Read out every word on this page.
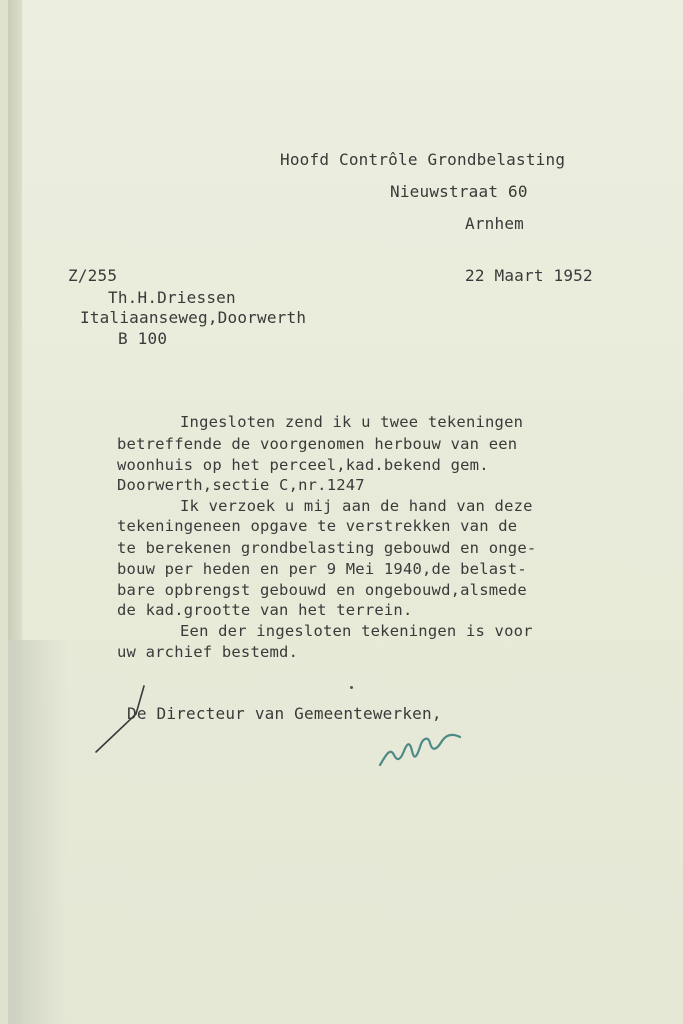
Hoofd Contrôle Grondbelasting
Nieuwstraat 60
Arnhem
Z/255	22 Maart 1952
Th.H.Driessen
Italiaanseweg,Doorwerth
B 100
Ingesloten zend ik u twee tekeningen
betreffende de voorgenomen herbouw van een
woonhuis op het perceel,kad.bekend gem.
Doorwerth,sectie C,nr.1247
Ik verzoek u mij aan de hand van deze
tekeningeneen opgave te verstrekken van de
te berekenen grondbelasting gebouwd en onge-
bouw per heden en per 9 Mei 1940,de belast-
bare opbrengst gebouwd en ongebouwd,alsmede
de kad.grootte van het terrein.
Een der ingesloten tekeningen is voor
uw archief bestemd.
De Directeur van Gemeentewerken,
